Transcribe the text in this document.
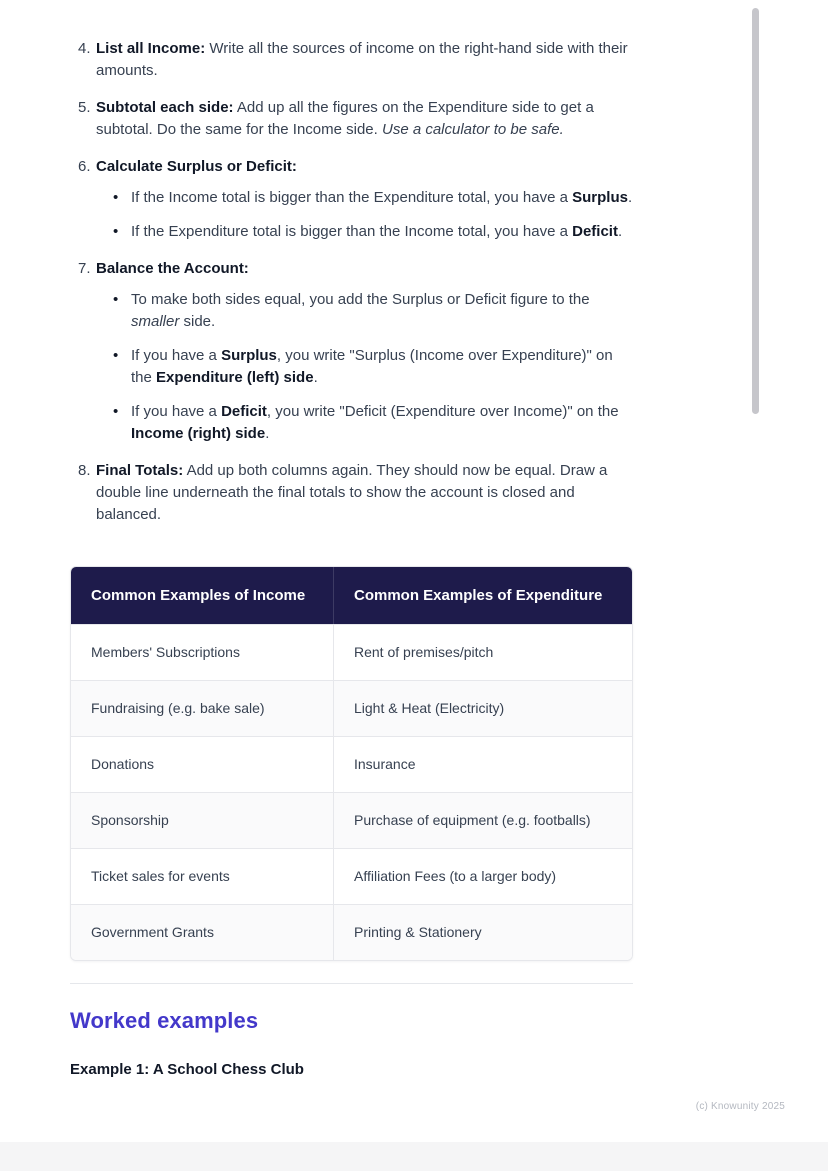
4. List all Income: Write all the sources of income on the right-hand side with their amounts.
5. Subtotal each side: Add up all the figures on the Expenditure side to get a subtotal. Do the same for the Income side. Use a calculator to be safe.
6. Calculate Surplus or Deficit:
• If the Income total is bigger than the Expenditure total, you have a Surplus.
• If the Expenditure total is bigger than the Income total, you have a Deficit.
7. Balance the Account:
• To make both sides equal, you add the Surplus or Deficit figure to the smaller side.
• If you have a Surplus, you write "Surplus (Income over Expenditure)" on the Expenditure (left) side.
• If you have a Deficit, you write "Deficit (Expenditure over Income)" on the Income (right) side.
8. Final Totals: Add up both columns again. They should now be equal. Draw a double line underneath the final totals to show the account is closed and balanced.
Common Examples of Income	Common Examples of Expenditure
Members' Subscriptions	Rent of premises/pitch
Fundraising (e.g. bake sale)	Light & Heat (Electricity)
Donations	Insurance
Sponsorship	Purchase of equipment (e.g. footballs)
Ticket sales for events	Affiliation Fees (to a larger body)
Government Grants	Printing & Stationery
Worked examples

Example 1: A School Chess Club

(c) Knowunity 2025
